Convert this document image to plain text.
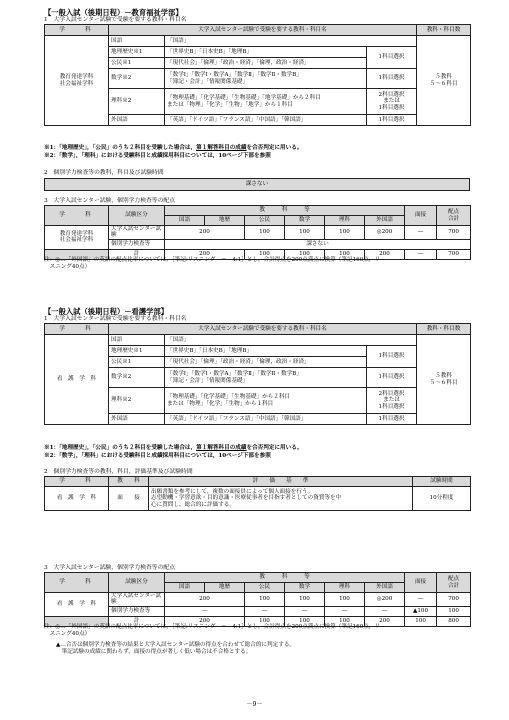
【一般入試（後期日程）－教育福祉学部】
1　大学入試センター試験で受験を要する教科・科目名
学　　科	大学入試センター試験で受験を要する教科・科目名			教科・科目数
教育発達学科
社会福祉学科	国語	「国語」		５教科
５〜６科目
	地理歴史※1	「世界史B」「日本史B」「地理B」	1科目選択	
	公民※1	「現代社会」「倫理」「政治・経済」「倫理，政治・経済」		
	数学※2	「数学Ⅰ」「数学Ⅰ・数学A」「数学Ⅱ」「数学Ⅱ・数学B」
「簿記・会計」「情報関係基礎」	1科目選択	
	理科※2	「物理基礎」「化学基礎」「生物基礎」「地学基礎」から２科目
または「物理」「化学」「生物」「地学」から１科目	2科目選択
または
1科目選択	
	外国語	「英語」「ドイツ語」「フランス語」「中国語」「韓国語」	1科目選択	
※1：「地理歴史」，「公民」のうち２科目を受験した場合は，第１解答科目の成績を合否判定に用いる。
※2：「数学」，「理科」における受験科目と成績採用科目については，10ページ下部を参照
2　個別学力検査等の教科，科目及び試験時間
課さない
3　大学入試センター試験，個別学力検査等の配点
学　　科	試験区分	教　　　科　　　等						面接	配点
合計
		国語	地歴	公民	数学	理科	外国語		
教育発達学科
社会福祉学科	大学入試センター試験	200		100	100	100	◎200	―	700
	個別学力検査等	課さない							
	計	200		100	100	100	200	―	700
注：◎…「外国語」の英語の配点比率については，［筆記:リスニング　＝　4:1］とし，合計得点を200点満点に換算（筆記160点，リ
　スニング40点）
【一般入試（後期日程）－看護学部】
1　大学入試センター試験で受験を要する教科・科目名
学　　科	大学入試センター試験で受験を要する教科・科目名			教科・科目数
看　護　学　科	国語	「国語」		５教科
５〜６科目
	地理歴史※1	「世界史B」「日本史B」「地理B」	1科目選択	
	公民※1	「現代社会」「倫理」「政治・経済」「倫理，政治・経済」		
	数学※2	「数学Ⅰ」「数学Ⅰ・数学A」「数学Ⅱ」「数学Ⅱ・数学B」
「簿記・会計」「情報関係基礎」	1科目選択	
	理科※2	「物理基礎」「化学基礎」「生物基礎」から２科目
または「物理」「化学」「生物」から１科目	2科目選択
または
1科目選択	
	外国語	「英語」「ドイツ語」「フランス語」「中国語」「韓国語」	1科目選択	
※1：「地理歴史」，「公民」のうち２科目を受験した場合は，第１解答科目の成績を合否判定に用いる。
※2：「数学」，「理科」における受験科目と成績採用科目については，10ページ下部を参照
2　個別学力検査等の教科，科目，評価基準及び試験時間
学　　科	教　　科	評　　価　　基　　準	試験時間
看　護　学　科	面　　接	出願書類を参考にして，複数の面接員によって個人面接を行う。
志望動機・学習意欲・目的意識・医療従事者を目指す者としての資質等を中
心に質問し，総合的に評価する。	10分程度
3　大学入試センター試験，個別学力検査等の配点
学　　科	試験区分	教　　　科　　　等						面接	配点
合計
		国語	地歴	公民	数学	理科	外国語		
看　護　学　科	大学入試センター試験	200		100	100	100	◎200	―	700
	個別学力検査等	―		―	―	―	―	▲100	100
	計	200		100	100	100	200	100	800
注：◎…「外国語」の英語の配点比率については，［筆記:リスニング　＝　4:1］とし，合計得点を200点満点に換算（筆記160点，リ
　スニング40点）
▲…合否は個別学力検査等の結果と大学入試センター試験の得点を合わせて総合的に判定する。
　筆記試験の成績に関わらず，面接の得点が著しく低い場合は不合格とする。
－9－
